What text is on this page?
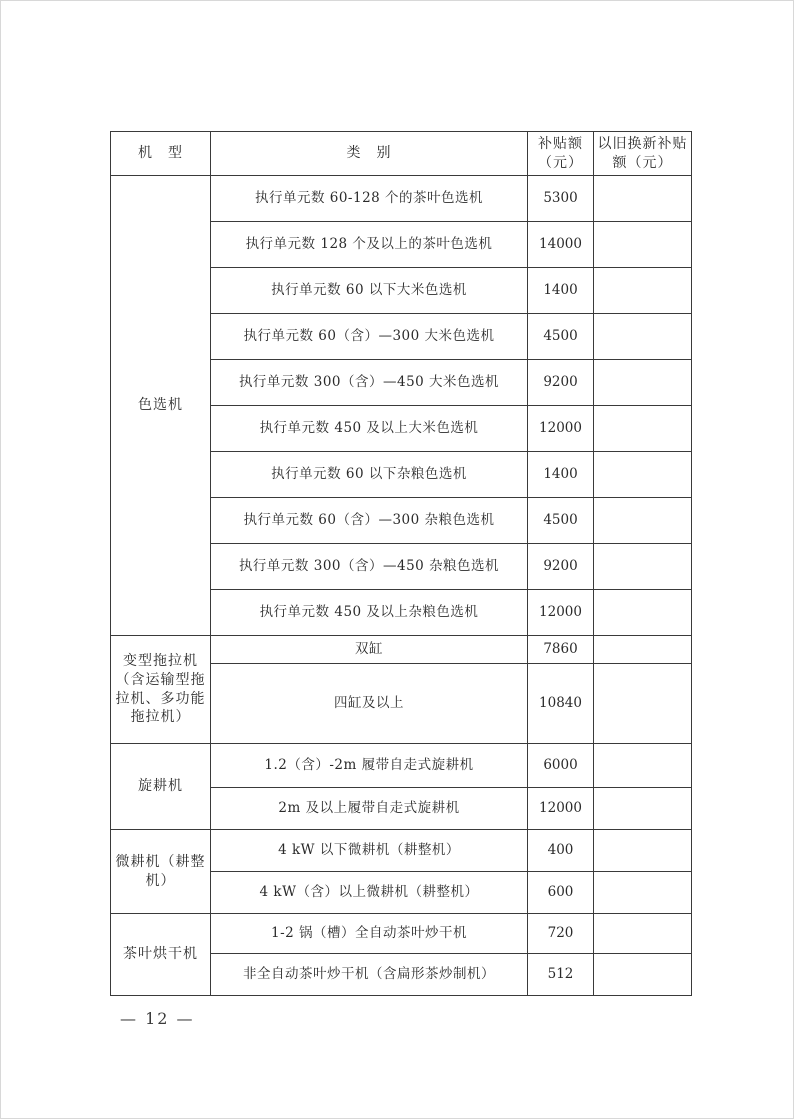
机　型	类　别	补贴额（元）	以旧换新补贴额（元）
色选机	执行单元数 60-128 个的茶叶色选机	5300	
	执行单元数 128 个及以上的茶叶色选机	14000	
	执行单元数 60 以下大米色选机	1400	
	执行单元数 60（含）—300 大米色选机	4500	
	执行单元数 300（含）—450 大米色选机	9200	
	执行单元数 450 及以上大米色选机	12000	
	执行单元数 60 以下杂粮色选机	1400	
	执行单元数 60（含）—300 杂粮色选机	4500	
	执行单元数 300（含）—450 杂粮色选机	9200	
	执行单元数 450 及以上杂粮色选机	12000	
变型拖拉机（含运输型拖拉机、多功能拖拉机）	双缸	7860	
	四缸及以上	10840	
旋耕机	1.2（含）-2m 履带自走式旋耕机	6000	
	2m 及以上履带自走式旋耕机	12000	
微耕机（耕整机）	4 kW 以下微耕机（耕整机）	400	
	4 kW（含）以上微耕机（耕整机）	600	
茶叶烘干机	1-2 锅（槽）全自动茶叶炒干机	720	
	非全自动茶叶炒干机（含扁形茶炒制机）	512	
— 12 —
